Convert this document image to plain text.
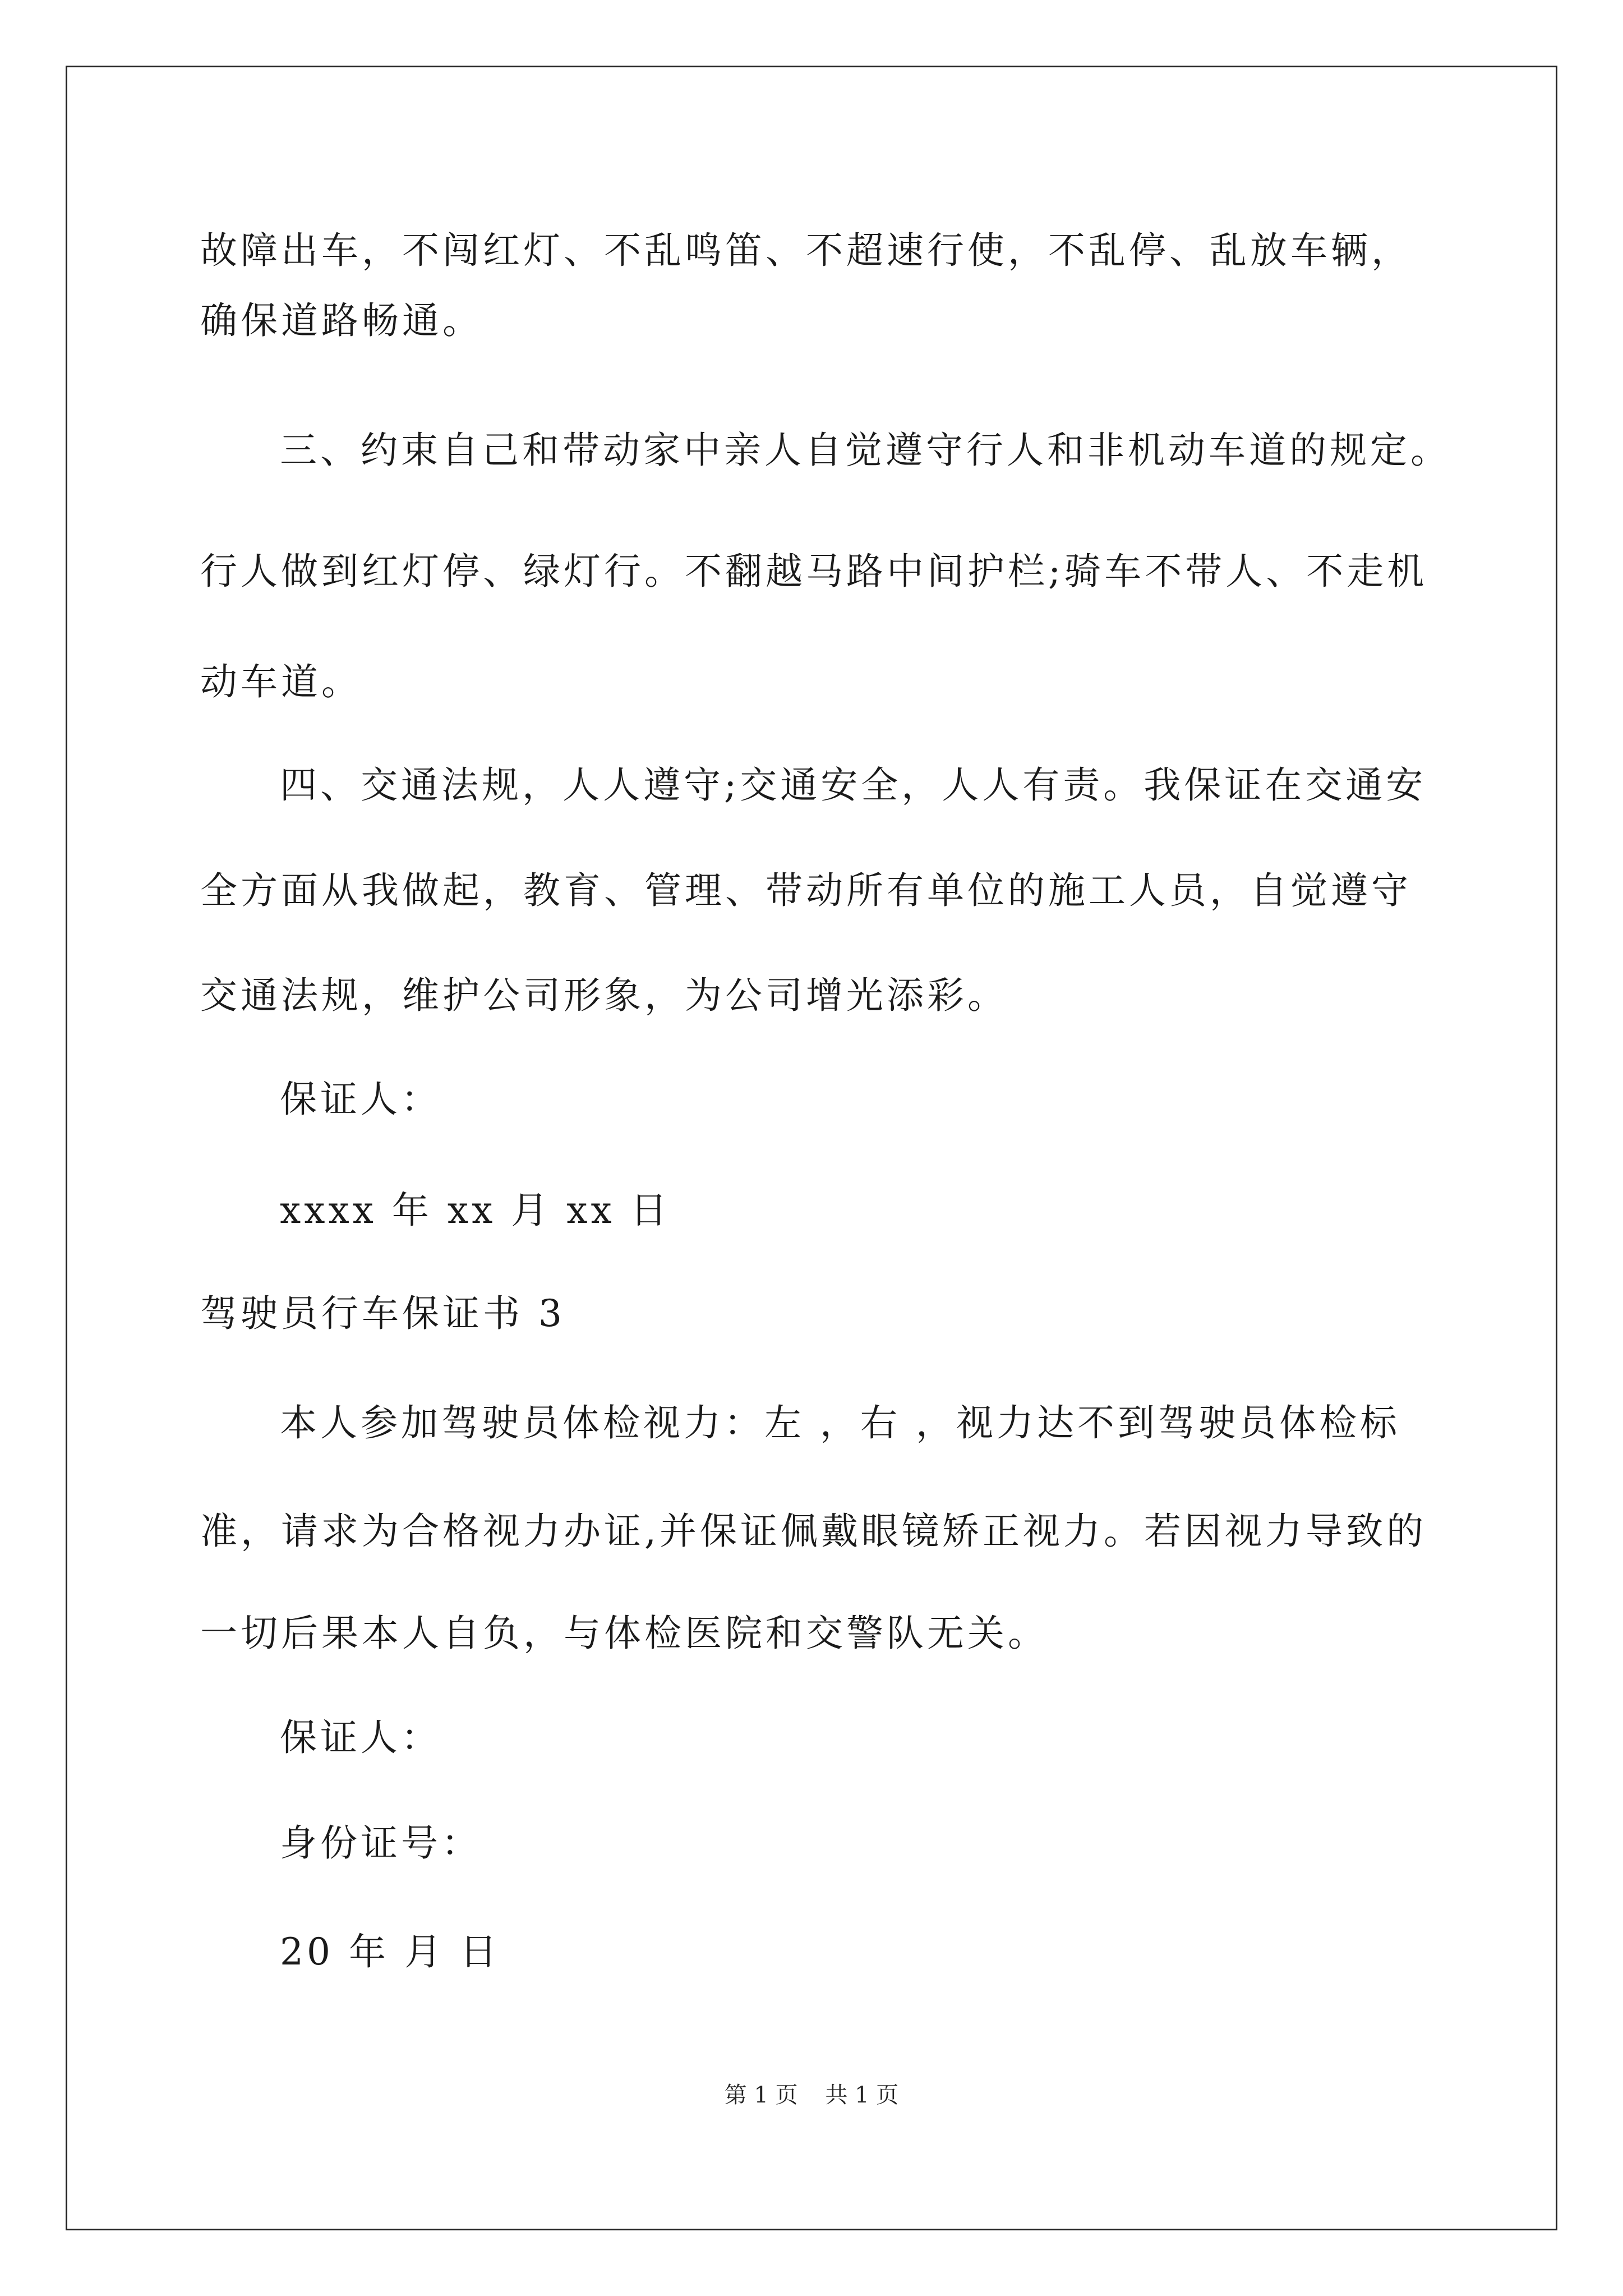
故障出车，不闯红灯、不乱鸣笛、不超速行使，不乱停、乱放车辆，
确保道路畅通。
三、约束自己和带动家中亲人自觉遵守行人和非机动车道的规定。
行人做到红灯停、绿灯行。不翻越马路中间护栏;骑车不带人、不走机
动车道。
四、交通法规，人人遵守;交通安全，人人有责。我保证在交通安
全方面从我做起，教育、管理、带动所有单位的施工人员，自觉遵守
交通法规，维护公司形象，为公司增光添彩。
保证人：
xxxx 年 xx 月 xx 日
驾驶员行车保证书 3
本人参加驾驶员体检视力：左 ，右 ，视力达不到驾驶员体检标
准，请求为合格视力办证,并保证佩戴眼镜矫正视力。若因视力导致的
一切后果本人自负，与体检医院和交警队无关。
保证人：
身份证号：
20 年 月 日
第 1 页 共 1 页
